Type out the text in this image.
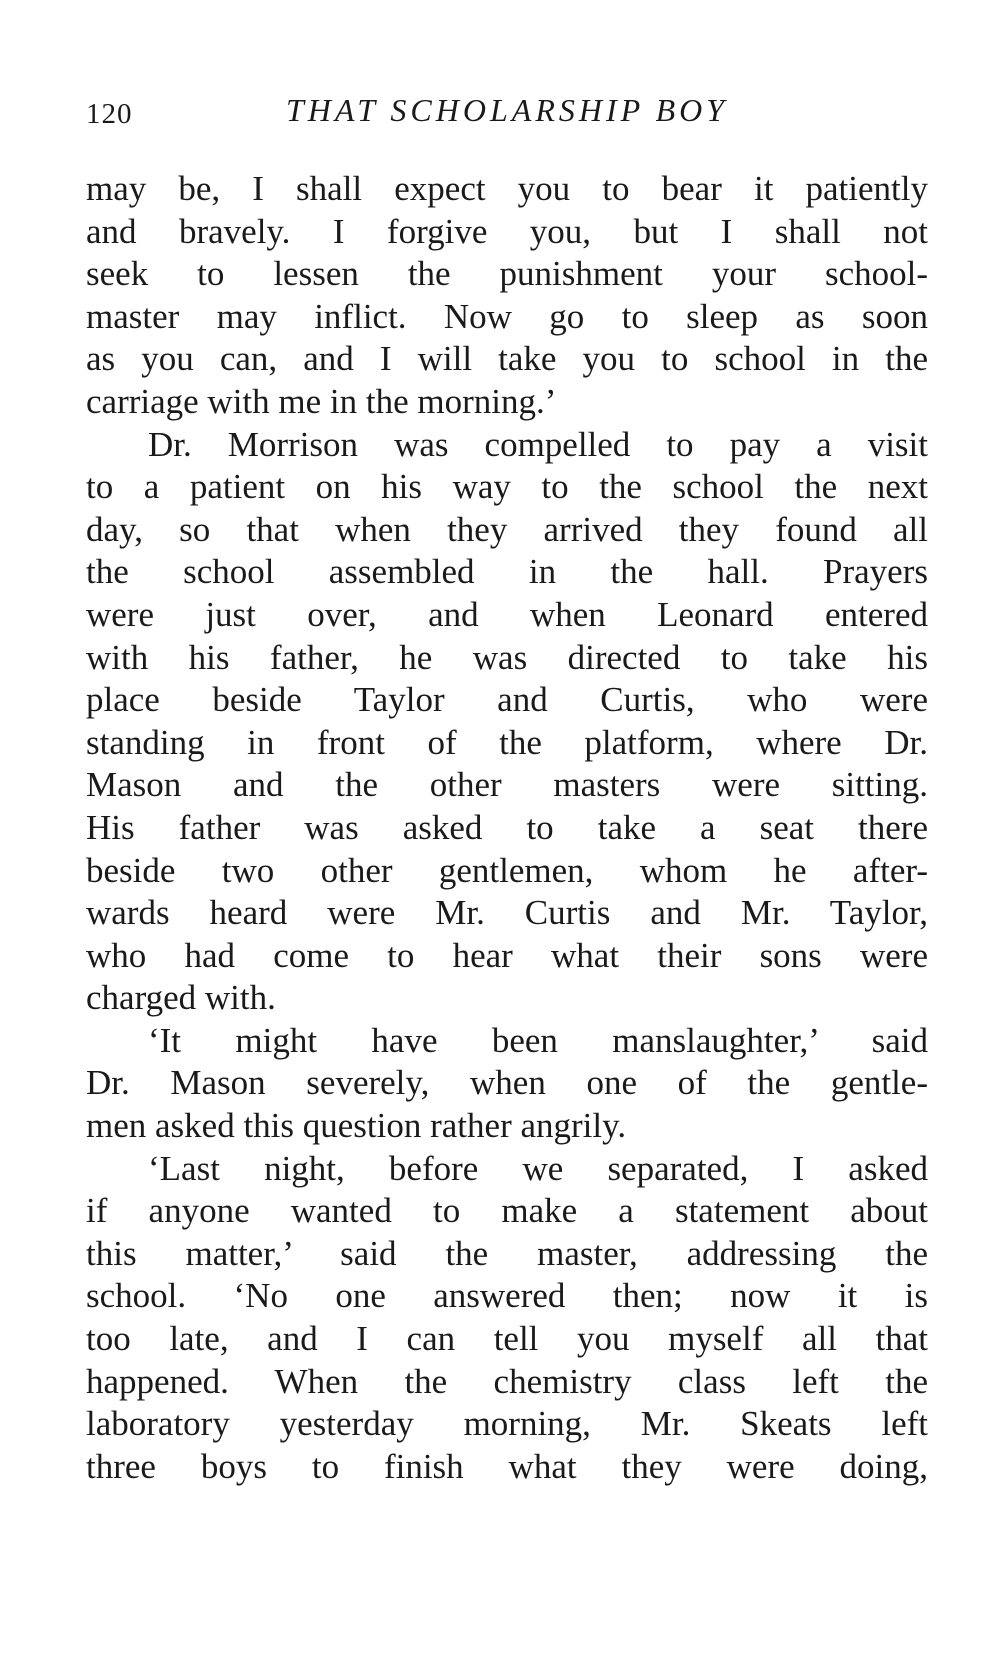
120	THAT SCHOLARSHIP BOY
may be, I shall expect you to bear it patiently
and bravely. I forgive you, but I shall not
seek to lessen the punishment your school-
master may inflict. Now go to sleep as soon
as you can, and I will take you to school in the
carriage with me in the morning.’
Dr. Morrison was compelled to pay a visit
to a patient on his way to the school the next
day, so that when they arrived they found all
the school assembled in the hall. Prayers
were just over, and when Leonard entered
with his father, he was directed to take his
place beside Taylor and Curtis, who were
standing in front of the platform, where Dr.
Mason and the other masters were sitting.
His father was asked to take a seat there
beside two other gentlemen, whom he after-
wards heard were Mr. Curtis and Mr. Taylor,
who had come to hear what their sons were
charged with.
‘It might have been manslaughter,’ said
Dr. Mason severely, when one of the gentle-
men asked this question rather angrily.
‘Last night, before we separated, I asked
if anyone wanted to make a statement about
this matter,’ said the master, addressing the
school. ‘No one answered then; now it is
too late, and I can tell you myself all that
happened. When the chemistry class left the
laboratory yesterday morning, Mr. Skeats left
three boys to finish what they were doing,
